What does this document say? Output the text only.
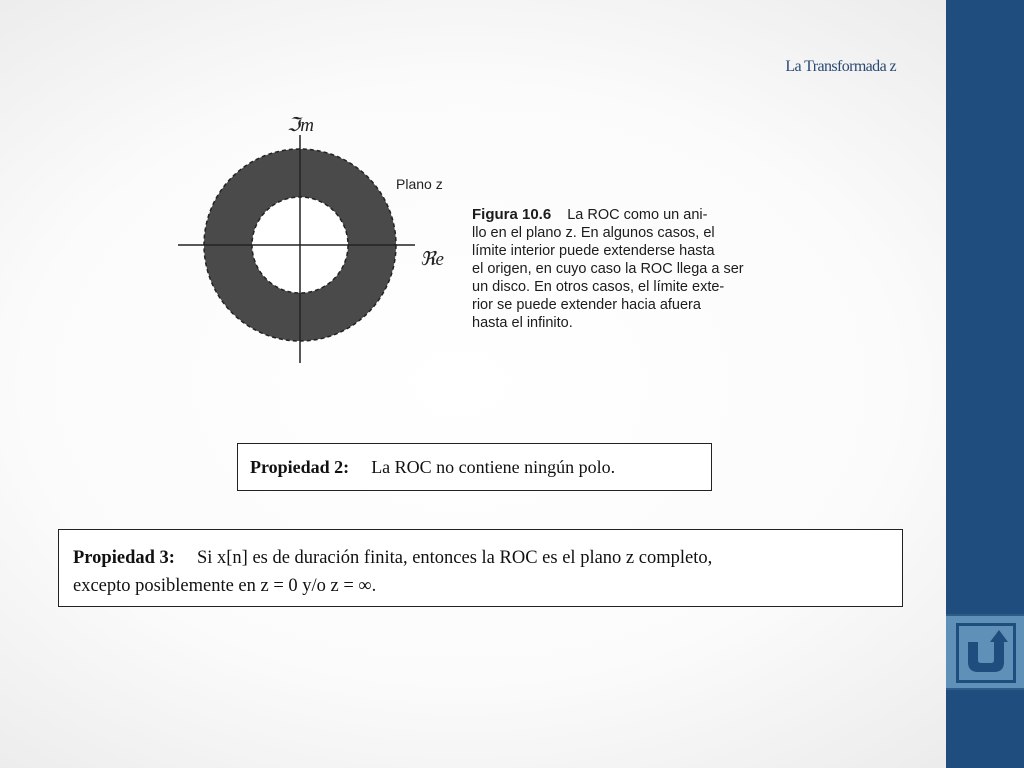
La Transformada z
ℑm
Plano z
ℜe
Figura 10.6 La ROC como un ani-
llo en el plano z. En algunos casos, el
límite interior puede extenderse hasta
el origen, en cuyo caso la ROC llega a ser
un disco. En otros casos, el límite exte-
rior se puede extender hacia afuera
hasta el infinito.
Propiedad 2: La ROC no contiene ningún polo.
Propiedad 3: Si x[n] es de duración finita, entonces la ROC es el plano z completo,
excepto posiblemente en z = 0 y/o z = ∞.
